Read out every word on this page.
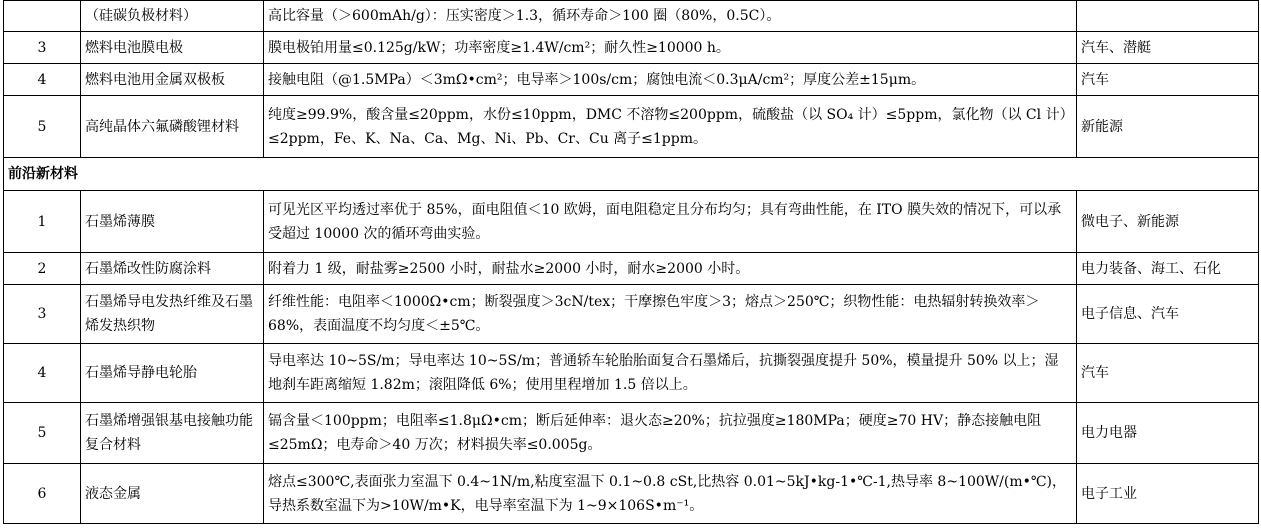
	（硅碳负极材料）	高比容量（＞600mAh/g）：压实密度＞1.3，循环寿命＞100 圈（80%，0.5C）。	
3	燃料电池膜电极	膜电极铂用量≤0.125g/kW；功率密度≥1.4W/cm²；耐久性≥10000 h。	汽车、潜艇
4	燃料电池用金属双极板	接触电阻（@1.5MPa）＜3mΩ•cm²；电导率＞100s/cm；腐蚀电流＜0.3μA/cm²；厚度公差±15μm。	汽车
5	高纯晶体六氟磷酸锂材料	纯度≥99.9%，酸含量≤20ppm，水份≤10ppm，DMC 不溶物≤200ppm，硫酸盐（以 SO₄ 计）≤5ppm，氯化物（以 Cl 计）≤2ppm，Fe、K、Na、Ca、Mg、Ni、Pb、Cr、Cu 离子≤1ppm。	新能源
前沿新材料			
1	石墨烯薄膜	可见光区平均透过率优于 85%，面电阻值＜10 欧姆，面电阻稳定且分布均匀；具有弯曲性能，在 ITO 膜失效的情况下，可以承受超过 10000 次的循环弯曲实验。	微电子、新能源
2	石墨烯改性防腐涂料	附着力 1 级，耐盐雾≥2500 小时，耐盐水≥2000 小时，耐水≥2000 小时。	电力装备、海工、石化
3	石墨烯导电发热纤维及石墨烯发热织物	纤维性能：电阻率＜1000Ω•cm；断裂强度＞3cN/tex；干摩擦色牢度＞3；熔点＞250℃；织物性能：电热辐射转换效率＞68%，表面温度不均匀度＜±5℃。	电子信息、汽车
4	石墨烯导静电轮胎	导电率达 10~5S/m；导电率达 10~5S/m；普通轿车轮胎胎面复合石墨烯后，抗撕裂强度提升 50%，模量提升 50% 以上；湿地刹车距离缩短 1.82m；滚阻降低 6%；使用里程增加 1.5 倍以上。	汽车
5	石墨烯增强银基电接触功能复合材料	镉含量＜100ppm；电阻率≤1.8μΩ•cm；断后延伸率：退火态≥20%；抗拉强度≥180MPa；硬度≥70 HV；静态接触电阻≤25mΩ；电寿命＞40 万次；材料损失率≤0.005g。	电力电器
6	液态金属	熔点≤300℃,表面张力室温下 0.4~1N/m,粘度室温下 0.1~0.8 cSt,比热容 0.01~5kJ•kg-1•℃-1,热导率 8~100W/(m•℃)，导热系数室温下为>10W/m•K，电导率室温下为 1~9×106S•m⁻¹。	电子工业
